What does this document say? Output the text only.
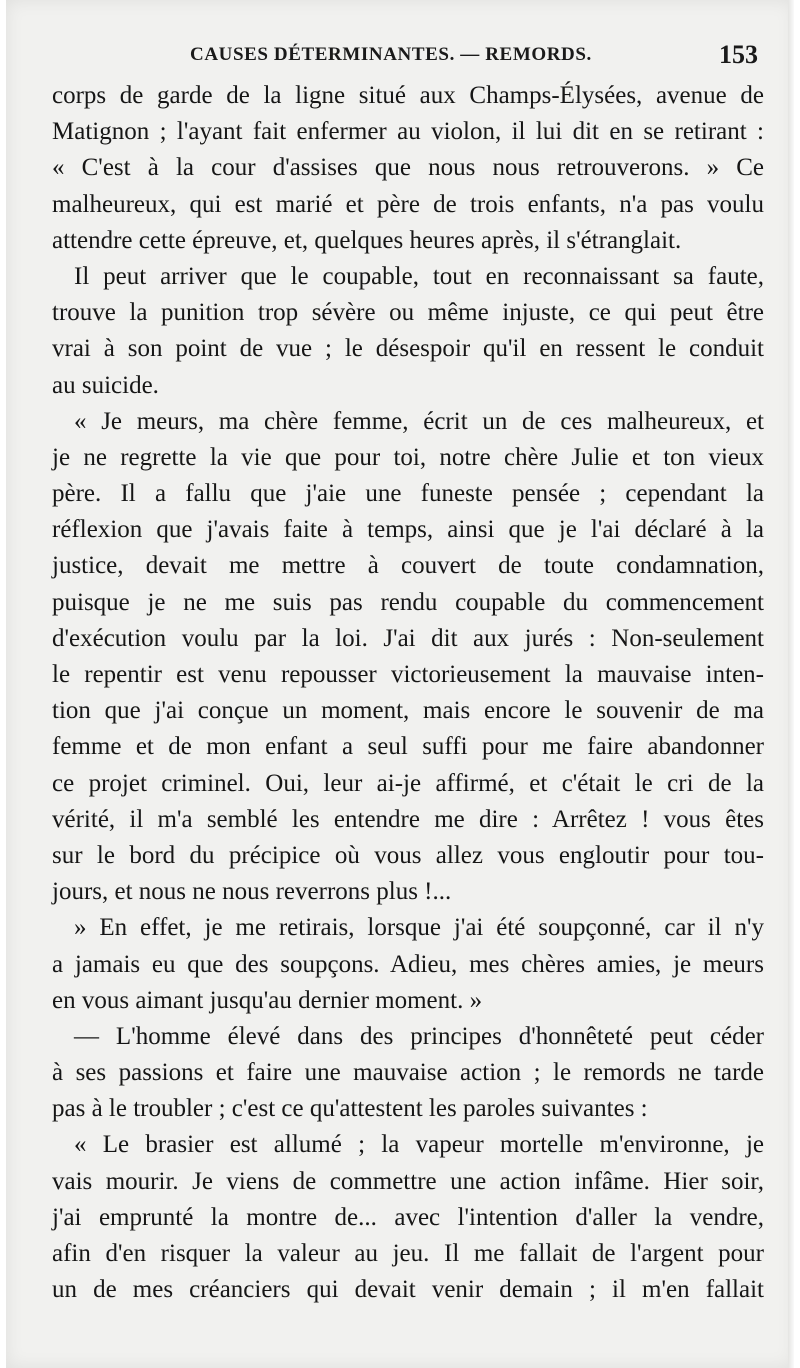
CAUSES DÉTERMINANTES. — REMORDS.	153
corps de garde de la ligne situé aux Champs-Élysées, avenue de
Matignon ; l'ayant fait enfermer au violon, il lui dit en se retirant :
« C'est à la cour d'assises que nous nous retrouverons. » Ce
malheureux, qui est marié et père de trois enfants, n'a pas voulu
attendre cette épreuve, et, quelques heures après, il s'étranglait.
Il peut arriver que le coupable, tout en reconnaissant sa faute,
trouve la punition trop sévère ou même injuste, ce qui peut être
vrai à son point de vue ; le désespoir qu'il en ressent le conduit
au suicide.
« Je meurs, ma chère femme, écrit un de ces malheureux, et
je ne regrette la vie que pour toi, notre chère Julie et ton vieux
père. Il a fallu que j'aie une funeste pensée ; cependant la
réflexion que j'avais faite à temps, ainsi que je l'ai déclaré à la
justice, devait me mettre à couvert de toute condamnation,
puisque je ne me suis pas rendu coupable du commencement
d'exécution voulu par la loi. J'ai dit aux jurés : Non-seulement
le repentir est venu repousser victorieusement la mauvaise inten-
tion que j'ai conçue un moment, mais encore le souvenir de ma
femme et de mon enfant a seul suffi pour me faire abandonner
ce projet criminel. Oui, leur ai-je affirmé, et c'était le cri de la
vérité, il m'a semblé les entendre me dire : Arrêtez ! vous êtes
sur le bord du précipice où vous allez vous engloutir pour tou-
jours, et nous ne nous reverrons plus !...
» En effet, je me retirais, lorsque j'ai été soupçonné, car il n'y
a jamais eu que des soupçons. Adieu, mes chères amies, je meurs
en vous aimant jusqu'au dernier moment. »
— L'homme élevé dans des principes d'honnêteté peut céder
à ses passions et faire une mauvaise action ; le remords ne tarde
pas à le troubler ; c'est ce qu'attestent les paroles suivantes :
« Le brasier est allumé ; la vapeur mortelle m'environne, je
vais mourir. Je viens de commettre une action infâme. Hier soir,
j'ai emprunté la montre de... avec l'intention d'aller la vendre,
afin d'en risquer la valeur au jeu. Il me fallait de l'argent pour
un de mes créanciers qui devait venir demain ; il m'en fallait
